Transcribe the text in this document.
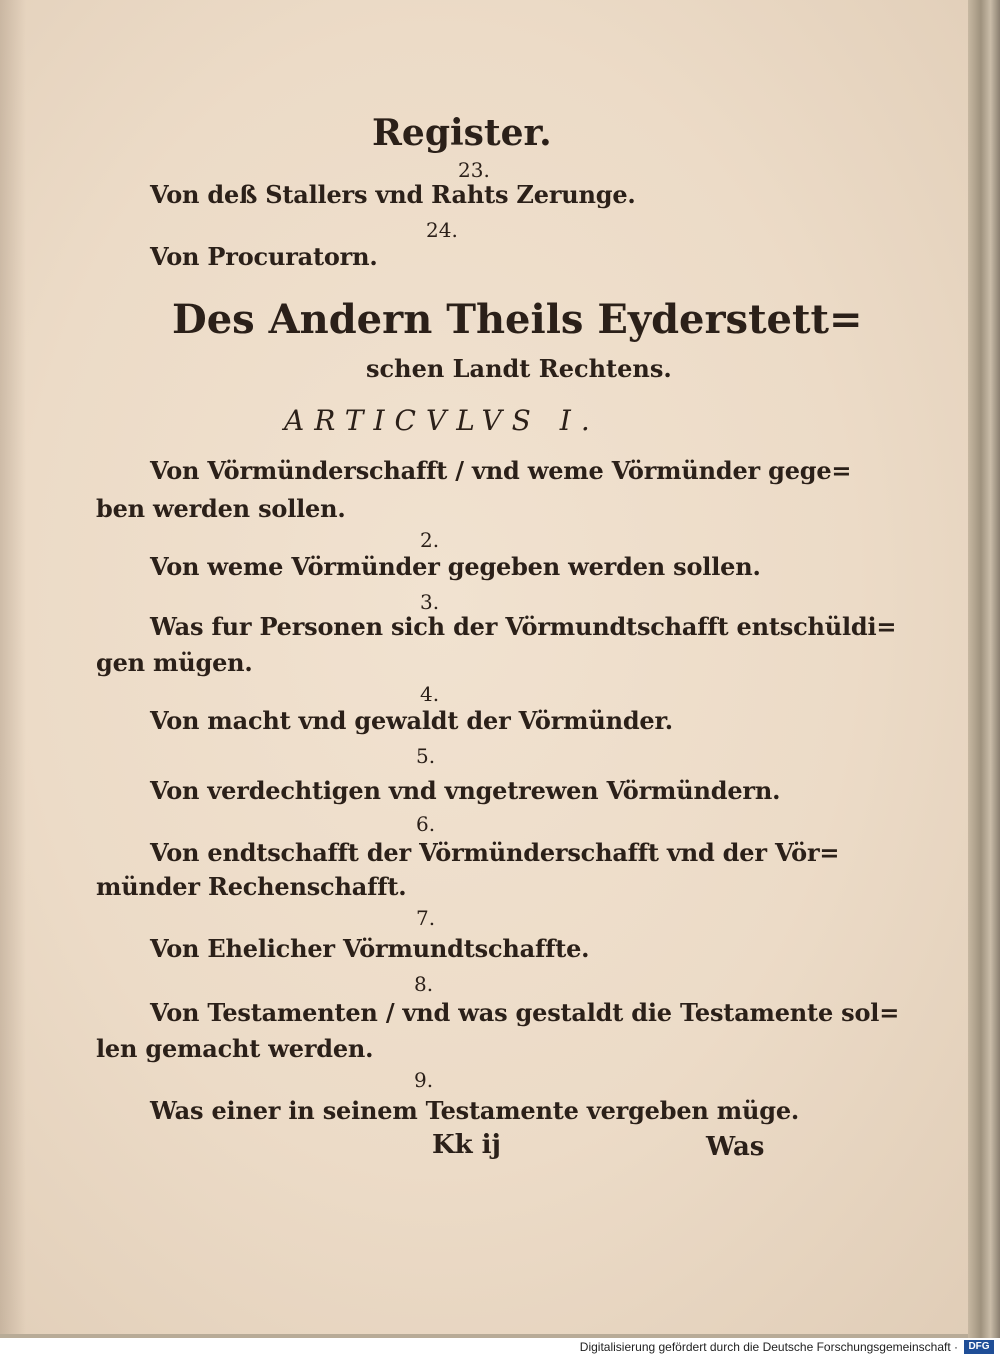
Register.
23.
Von deß Stallers vnd Rahts Zerunge.
24.
Von Procuratorn.
Des Andern Theils Eyderstett=
schen Landt Rechtens.
ARTICVLVS I.
Von Vörmünderschafft / vnd weme Vörmünder gege=
ben werden sollen.
2.
Von weme Vörmünder gegeben werden sollen.
3.
Was fur Personen sich der Vörmundtschafft entschüldi=
gen mügen.
4.
Von macht vnd gewaldt der Vörmünder.
5.
Von verdechtigen vnd vngetrewen Vörmündern.
6.
Von endtschafft der Vörmünderschafft vnd der Vör=
münder Rechenschafft.
7.
Von Ehelicher Vörmundtschaffte.
8.
Von Testamenten / vnd was gestaldt die Testamente sol=
len gemacht werden.
9.
Was einer in seinem Testamente vergeben müge.
Kk ij	Was
Digitalisierung gefördert durch die Deutsche Forschungsgemeinschaft ·	DFG
